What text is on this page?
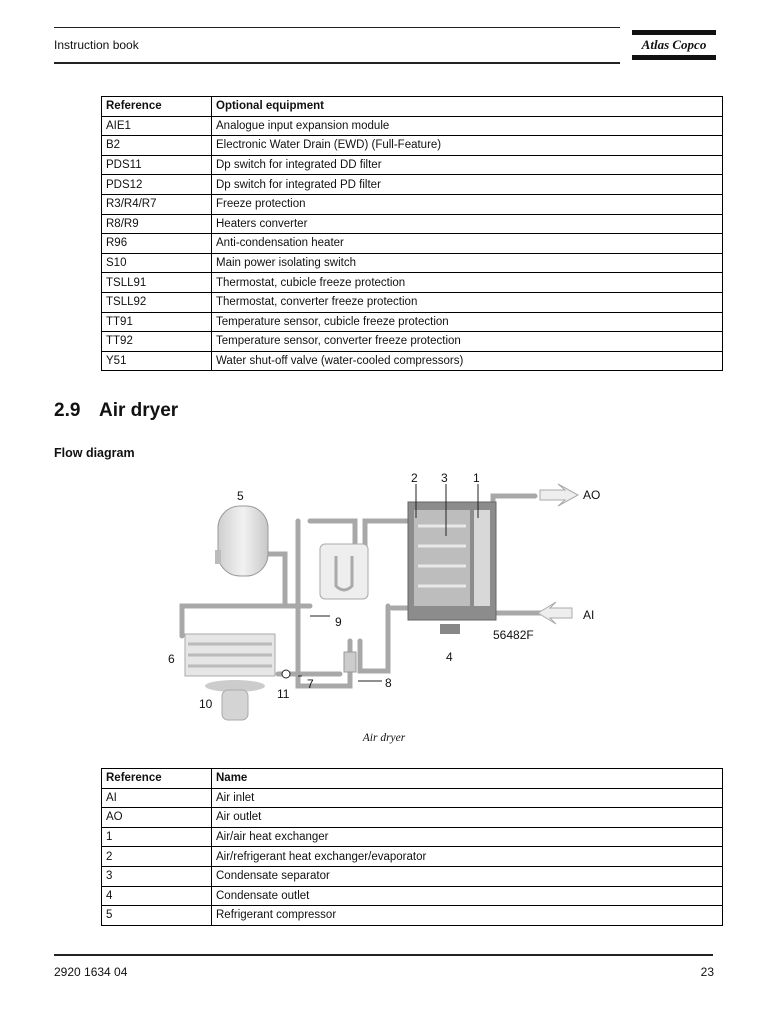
Instruction book	Atlas Copco
Reference	Optional equipment
AIE1	Analogue input expansion module
B2	Electronic Water Drain (EWD) (Full-Feature)
PDS11	Dp switch for integrated DD filter
PDS12	Dp switch for integrated PD filter
R3/R4/R7	Freeze protection
R8/R9	Heaters converter
R96	Anti-condensation heater
S10	Main power isolating switch
TSLL91	Thermostat, cubicle freeze protection
TSLL92	Thermostat, converter freeze protection
TT91	Temperature sensor, cubicle freeze protection
TT92	Temperature sensor, converter freeze protection
Y51	Water shut-off valve (water-cooled compressors)
2.9 Air dryer
Flow diagram
2 3 1
5
9
6	4
7	8
11
10
AO
AI
56482F
Air dryer
Reference	Name
AI	Air inlet
AO	Air outlet
1	Air/air heat exchanger
2	Air/refrigerant heat exchanger/evaporator
3	Condensate separator
4	Condensate outlet
5	Refrigerant compressor
2920 1634 04	23
